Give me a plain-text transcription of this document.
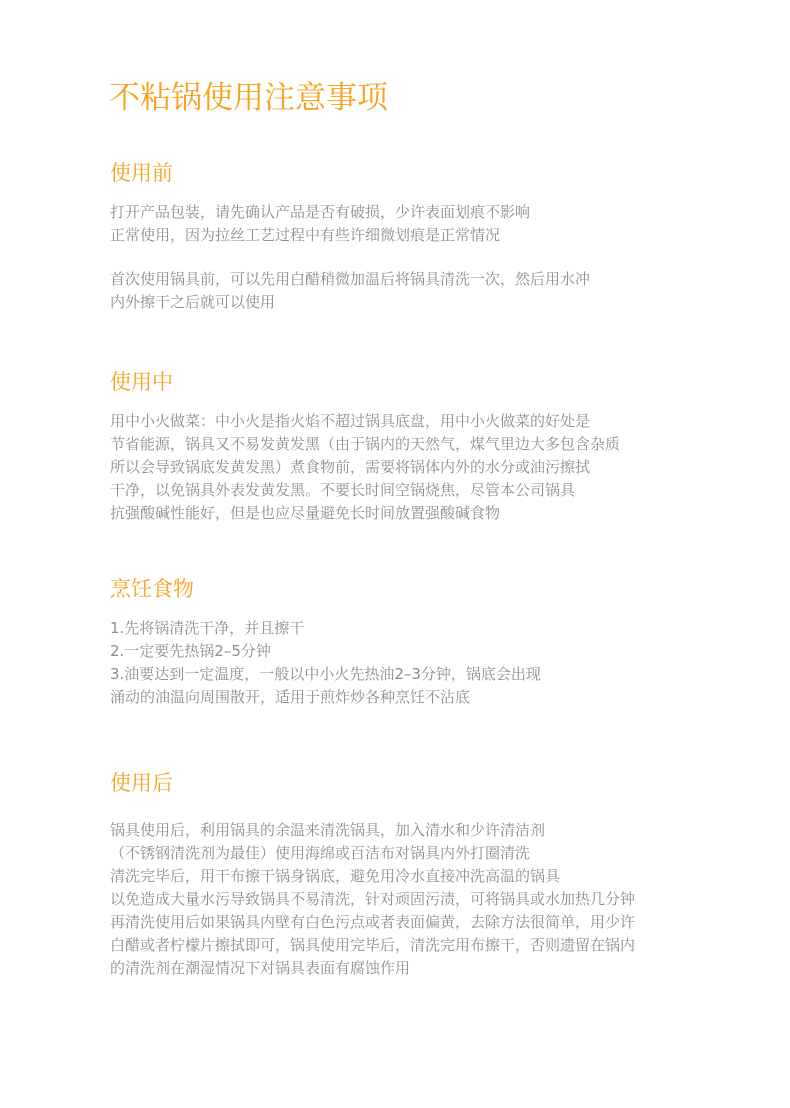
不粘锅使用注意事项
使用前
打开产品包装，请先确认产品是否有破损，少许表面划痕不影响
正常使用，因为拉丝工艺过程中有些许细微划痕是正常情况
首次使用锅具前，可以先用白醋稍微加温后将锅具清洗一次，然后用水冲
内外擦干之后就可以使用
使用中
用中小火做菜：中小火是指火焰不超过锅具底盘，用中小火做菜的好处是
节省能源，锅具又不易发黄发黑（由于锅内的天然气，煤气里边大多包含杂质
所以会导致锅底发黄发黑）煮食物前，需要将锅体内外的水分或油污擦拭
干净，以免锅具外表发黄发黑。不要长时间空锅烧焦，尽管本公司锅具
抗强酸碱性能好，但是也应尽量避免长时间放置强酸碱食物
烹饪食物
1.先将锅清洗干净，并且擦干
2.一定要先热锅2–5分钟
3.油要达到一定温度，一般以中小火先热油2–3分钟，锅底会出现
涌动的油温向周围散开，适用于煎炸炒各种烹饪不沾底
使用后
锅具使用后，利用锅具的余温来清洗锅具，加入清水和少许清洁剂
（不锈钢清洗剂为最佳）使用海绵或百洁布对锅具内外打圈清洗
清洗完毕后，用干布擦干锅身锅底，避免用冷水直接冲洗高温的锅具
以免造成大量水污导致锅具不易清洗，针对顽固污渍，可将锅具或水加热几分钟
再清洗使用后如果锅具内壁有白色污点或者表面偏黄，去除方法很简单，用少许
白醋或者柠檬片擦拭即可，锅具使用完毕后，清洗完用布擦干，否则遗留在锅内
的清洗剂在潮湿情况下对锅具表面有腐蚀作用
